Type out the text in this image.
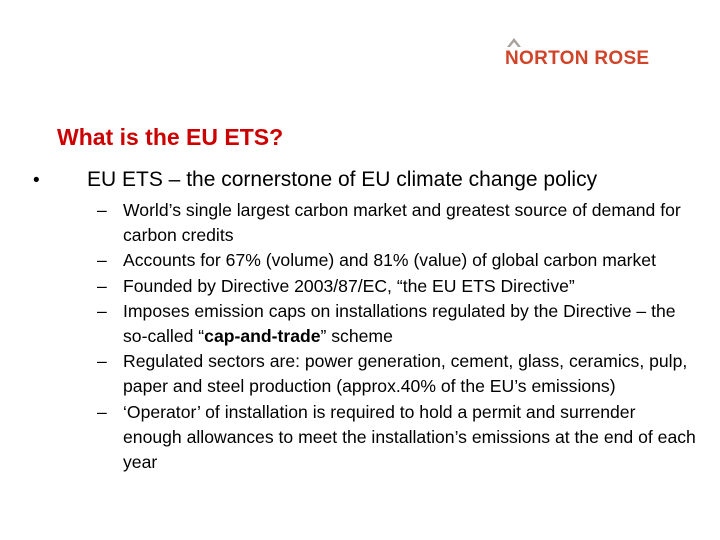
NORTON ROSE
What is the EU ETS?
• EU ETS – the cornerstone of EU climate change policy

– World’s single largest carbon market and greatest source of demand for carbon credits
– Accounts for 67% (volume) and 81% (value) of global carbon market
– Founded by Directive 2003/87/EC, “the EU ETS Directive”
– Imposes emission caps on installations regulated by the Directive – the so-called “cap-and-trade” scheme
– Regulated sectors are: power generation, cement, glass, ceramics, pulp, paper and steel production (approx.40% of the EU’s emissions)
– ‘Operator’ of installation is required to hold a permit and surrender enough allowances to meet the installation’s emissions at the end of each year
